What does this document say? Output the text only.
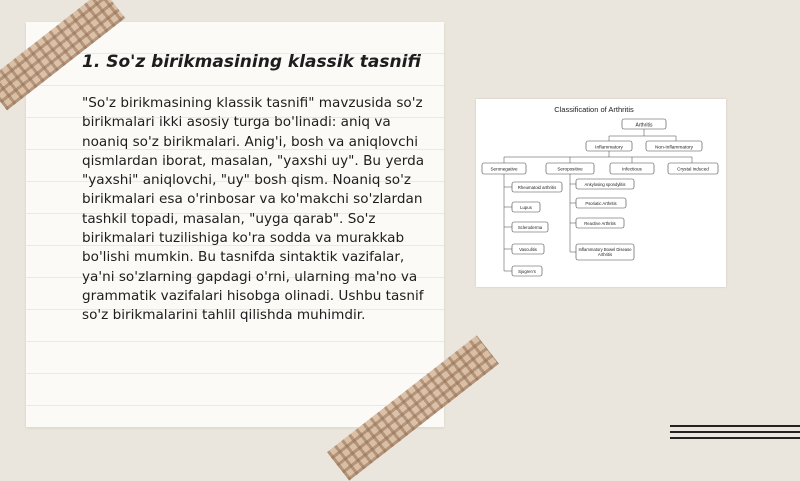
1. So'z birikmasining klassik tasnifi
"So'z birikmasining klassik tasnifi" mavzusida so'z birikmalari ikki asosiy turga bo'linadi: aniq va noaniq so'z birikmalari. Anig'i, bosh va aniqlovchi qismlardan iborat, masalan, "yaxshi uy". Bu yerda "yaxshi" aniqlovchi, "uy" bosh qism. Noaniq so'z birikmalari esa o'rinbosar va ko'makchi so'zlardan tashkil topadi, masalan, "uyga qarab". So'z birikmalari tuzilishiga ko'ra sodda va murakkab bo'lishi mumkin. Bu tasnifda sintaktik vazifalar, ya'ni so'zlarning gapdagi o'rni, ularning ma'no va grammatik vazifalari hisobga olinadi. Ushbu tasnif so'z birikmalarini tahlil qilishda muhimdir.
Classification of Arthritis
Arthritis
Inflammatory	Non-Inflammatory
Seronegative	Seropositive	Infectious	Crystal induced
Rheumatoid arthritis
Lupus
Scleroderma
Vasculitis
Sjogren's
Ankylosing spondylitis
Psoriatic Arthritis
Reactive Arthritis
Inflammatory Bowel Disease Arthritis
